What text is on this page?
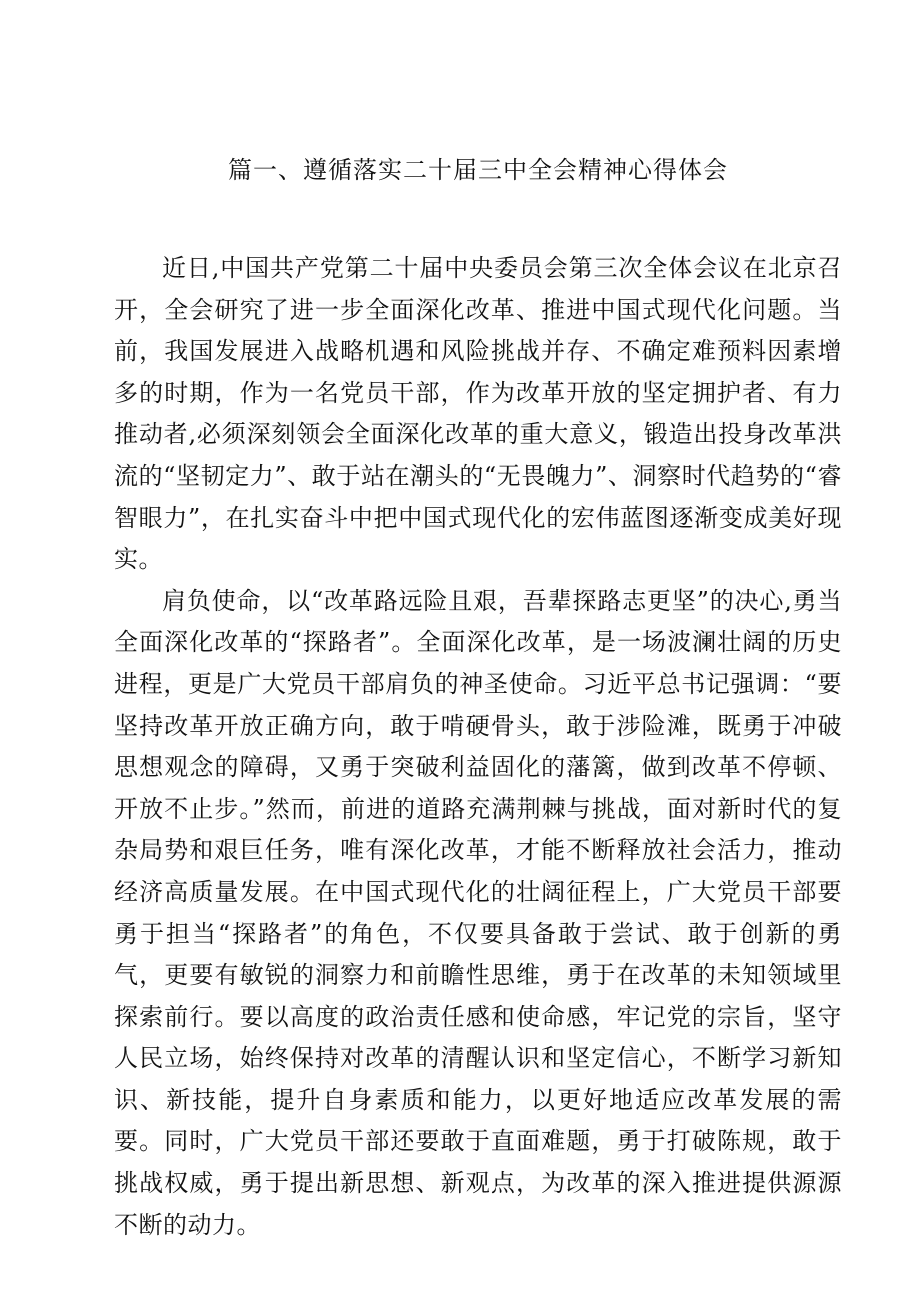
篇一、遵循落实二十届三中全会精神心得体会

近日,中国共产党第二十届中央委员会第三次全体会议在北京召开，全会研究了进一步全面深化改革、推进中国式现代化问题。当前，我国发展进入战略机遇和风险挑战并存、不确定难预料因素增多的时期，作为一名党员干部，作为改革开放的坚定拥护者、有力推动者,必须深刻领会全面深化改革的重大意义，锻造出投身改革洪流的“坚韧定力”、敢于站在潮头的“无畏魄力”、洞察时代趋势的“睿智眼力”，在扎实奋斗中把中国式现代化的宏伟蓝图逐渐变成美好现实。

肩负使命，以“改革路远险且艰，吾辈探路志更坚”的决心,勇当全面深化改革的“探路者”。全面深化改革，是一场波澜壮阔的历史进程，更是广大党员干部肩负的神圣使命。习近平总书记强调：“要坚持改革开放正确方向，敢于啃硬骨头，敢于涉险滩，既勇于冲破思想观念的障碍，又勇于突破利益固化的藩篱，做到改革不停顿、开放不止步。”然而，前进的道路充满荆棘与挑战，面对新时代的复杂局势和艰巨任务，唯有深化改革，才能不断释放社会活力，推动经济高质量发展。在中国式现代化的壮阔征程上，广大党员干部要勇于担当“探路者”的角色，不仅要具备敢于尝试、敢于创新的勇气，更要有敏锐的洞察力和前瞻性思维，勇于在改革的未知领域里探索前行。要以高度的政治责任感和使命感，牢记党的宗旨，坚守人民立场，始终保持对改革的清醒认识和坚定信心，不断学习新知识、新技能，提升自身素质和能力，以更好地适应改革发展的需要。同时，广大党员干部还要敢于直面难题，勇于打破陈规，敢于挑战权威，勇于提出新思想、新观点，为改革的深入推进提供源源不断的动力。
